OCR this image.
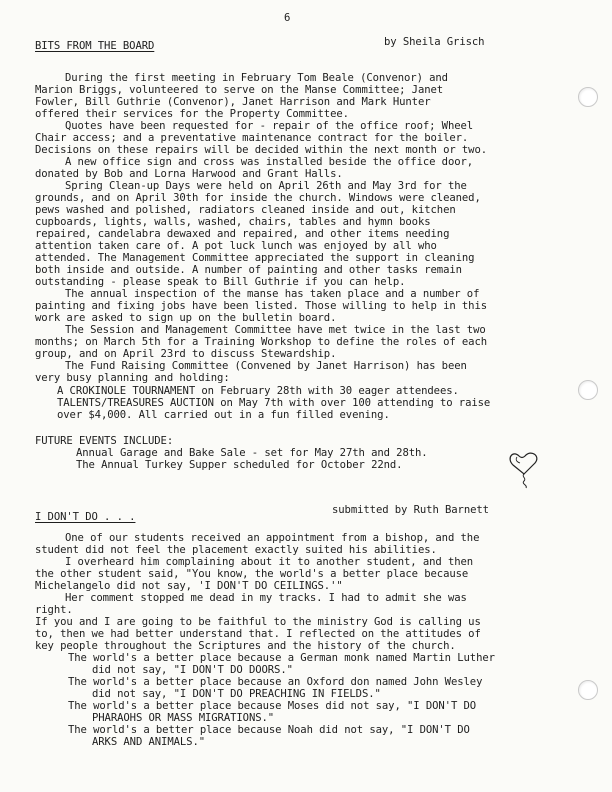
6
BITS FROM THE BOARD	by Sheila Grisch
During the first meeting in February Tom Beale (Convenor) and
Marion Briggs, volunteered to serve on the Manse Committee; Janet
Fowler, Bill Guthrie (Convenor), Janet Harrison and Mark Hunter
offered their services for the Property Committee.
Quotes have been requested for - repair of the office roof; Wheel
Chair access; and a preventative maintenance contract for the boiler.
Decisions on these repairs will be decided within the next month or two.
A new office sign and cross was installed beside the office door,
donated by Bob and Lorna Harwood and Grant Halls.
Spring Clean-up Days were held on April 26th and May 3rd for the
grounds, and on April 30th for inside the church. Windows were cleaned,
pews washed and polished, radiators cleaned inside and out, kitchen
cupboards, lights, walls, washed, chairs, tables and hymn books
repaired, candelabra dewaxed and repaired, and other items needing
attention taken care of. A pot luck lunch was enjoyed by all who
attended. The Management Committee appreciated the support in cleaning
both inside and outside. A number of painting and other tasks remain
outstanding - please speak to Bill Guthrie if you can help.
The annual inspection of the manse has taken place and a number of
painting and fixing jobs have been listed. Those willing to help in this
work are asked to sign up on the bulletin board.
The Session and Management Committee have met twice in the last two
months; on March 5th for a Training Workshop to define the roles of each
group, and on April 23rd to discuss Stewardship.
The Fund Raising Committee (Convened by Janet Harrison) has been
very busy planning and holding:
A CROKINOLE TOURNAMENT on February 28th with 30 eager attendees.
TALENTS/TREASURES AUCTION on May 7th with over 100 attending to raise
over $4,000. All carried out in a fun filled evening.
FUTURE EVENTS INCLUDE:
Annual Garage and Bake Sale - set for May 27th and 28th.
The Annual Turkey Supper scheduled for October 22nd.
I DON'T DO . . .
submitted by Ruth Barnett
One of our students received an appointment from a bishop, and the
student did not feel the placement exactly suited his abilities.
I overheard him complaining about it to another student, and then
the other student said, "You know, the world's a better place because
Michelangelo did not say, 'I DON'T DO CEILINGS.'"
Her comment stopped me dead in my tracks. I had to admit she was
right.
If you and I are going to be faithful to the ministry God is calling us
to, then we had better understand that. I reflected on the attitudes of
key people throughout the Scriptures and the history of the church.
The world's a better place because a German monk named Martin Luther
did not say, "I DON'T DO DOORS."
The world's a better place because an Oxford don named John Wesley
did not say, "I DON'T DO PREACHING IN FIELDS."
The world's a better place because Moses did not say, "I DON'T DO
PHARAOHS OR MASS MIGRATIONS."
The world's a better place because Noah did not say, "I DON'T DO
ARKS AND ANIMALS."
